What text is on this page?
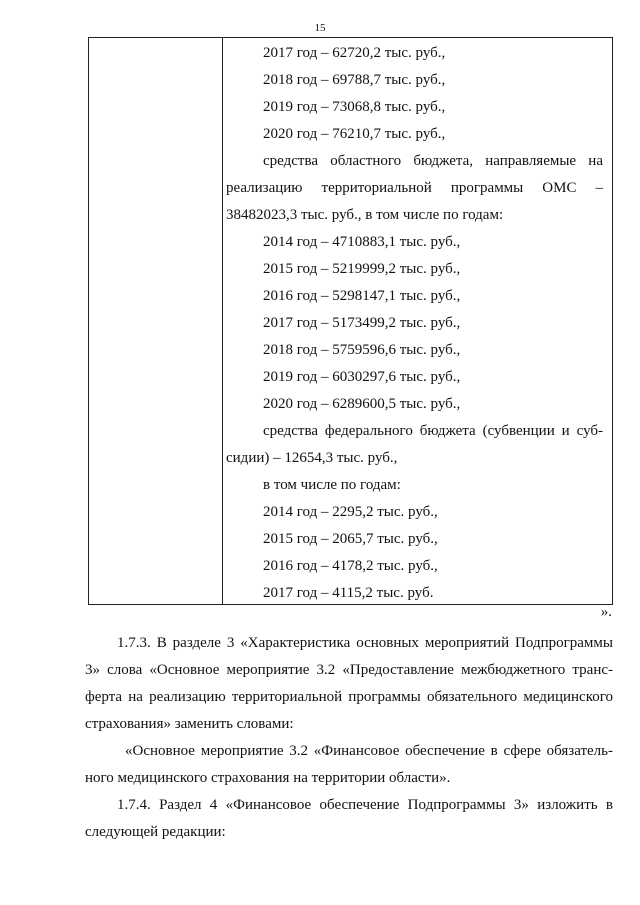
15
2017 год – 62720,2 тыс. руб.,
2018 год – 69788,7 тыс. руб.,
2019 год – 73068,8 тыс. руб.,
2020 год – 76210,7 тыс. руб.,
средства областного бюджета, направляемые на
реализацию территориальной программы ОМС –
38482023,3 тыс. руб., в том числе по годам:
2014 год – 4710883,1 тыс. руб.,
2015 год – 5219999,2 тыс. руб.,
2016 год – 5298147,1 тыс. руб.,
2017 год – 5173499,2 тыс. руб.,
2018 год – 5759596,6 тыс. руб.,
2019 год – 6030297,6 тыс. руб.,
2020 год – 6289600,5 тыс. руб.,
средства федерального бюджета (субвенции и суб-
сидии) – 12654,3 тыс. руб.,
в том числе по годам:
2014 год – 2295,2 тыс. руб.,
2015 год – 2065,7 тыс. руб.,
2016 год – 4178,2 тыс. руб.,
2017 год – 4115,2 тыс. руб.
».
1.7.3. В разделе 3 «Характеристика основных мероприятий Подпрограммы
3» слова «Основное мероприятие 3.2 «Предоставление межбюджетного транс-
ферта на реализацию территориальной программы обязательного медицинского
страхования» заменить словами:
«Основное мероприятие 3.2 «Финансовое обеспечение в сфере обязатель-
ного медицинского страхования на территории области».
1.7.4. Раздел 4 «Финансовое обеспечение Подпрограммы 3» изложить в
следующей редакции:
